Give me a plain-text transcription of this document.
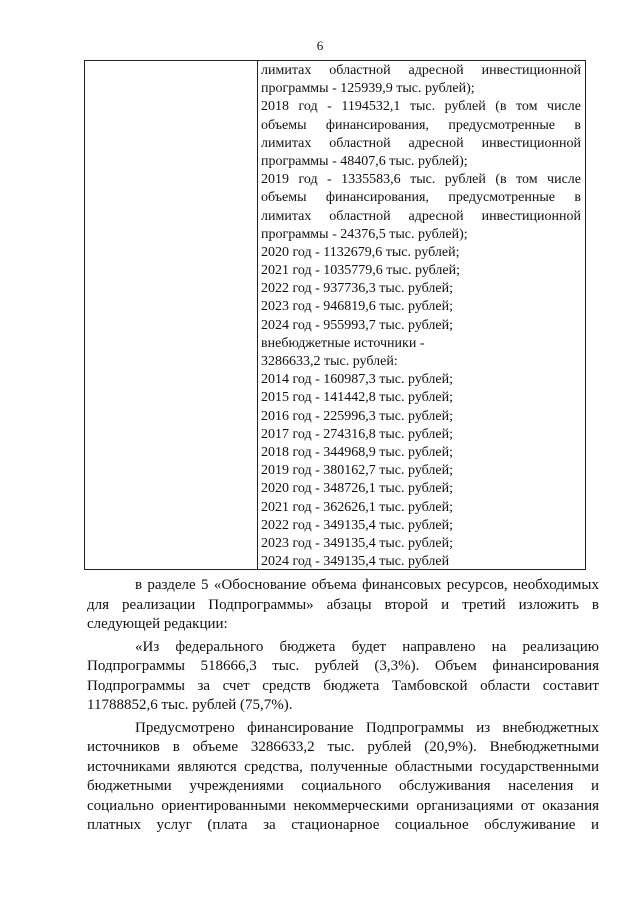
6
лимитах областной адресной инвестиционной
программы - 125939,9 тыс. рублей);
2018 год - 1194532,1 тыс. рублей (в том числе
объемы финансирования, предусмотренные в
лимитах областной адресной инвестиционной
программы - 48407,6 тыс. рублей);
2019 год - 1335583,6 тыс. рублей (в том числе
объемы финансирования, предусмотренные в
лимитах областной адресной инвестиционной
программы - 24376,5 тыс. рублей);
2020 год - 1132679,6 тыс. рублей;
2021 год - 1035779,6 тыс. рублей;
2022 год - 937736,3 тыс. рублей;
2023 год - 946819,6 тыс. рублей;
2024 год - 955993,7 тыс. рублей;
внебюджетные источники -
3286633,2 тыс. рублей:
2014 год - 160987,3 тыс. рублей;
2015 год - 141442,8 тыс. рублей;
2016 год - 225996,3 тыс. рублей;
2017 год - 274316,8 тыс. рублей;
2018 год - 344968,9 тыс. рублей;
2019 год - 380162,7 тыс. рублей;
2020 год - 348726,1 тыс. рублей;
2021 год - 362626,1 тыс. рублей;
2022 год - 349135,4 тыс. рублей;
2023 год - 349135,4 тыс. рублей;
2024 год - 349135,4 тыс. рублей
в разделе 5 «Обоснование объема финансовых ресурсов, необходимых
для реализации Подпрограммы» абзацы второй и третий изложить в
следующей редакции:
«Из федерального бюджета будет направлено на реализацию
Подпрограммы 518666,3 тыс. рублей (3,3%). Объем финансирования
Подпрограммы за счет средств бюджета Тамбовской области составит
11788852,6 тыс. рублей (75,7%).
Предусмотрено финансирование Подпрограммы из внебюджетных
источников в объеме 3286633,2 тыс. рублей (20,9%). Внебюджетными
источниками являются средства, полученные областными государственными
бюджетными учреждениями социального обслуживания населения и
социально ориентированными некоммерческими организациями от оказания
платных услуг (плата за стационарное социальное обслуживание и
